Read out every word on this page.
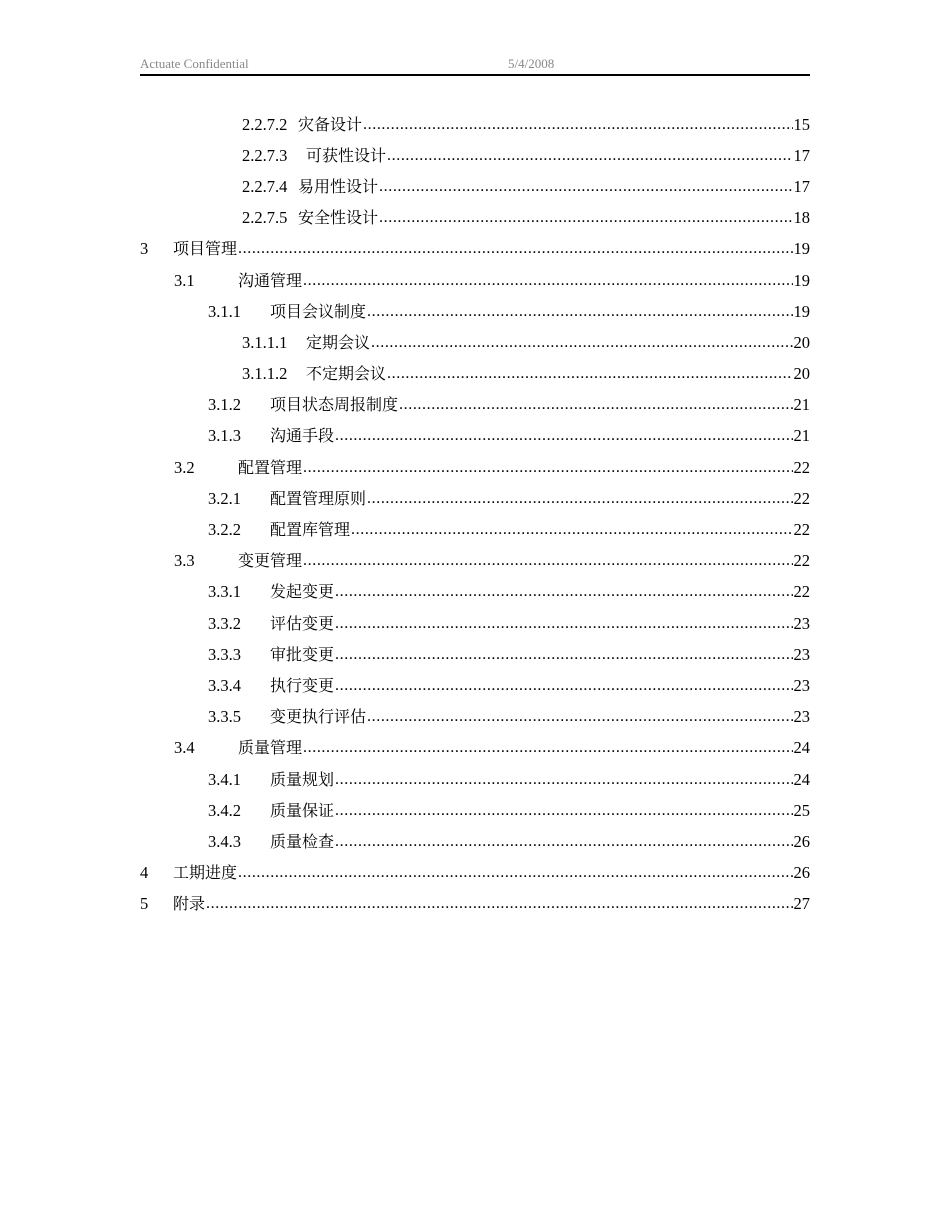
Actuate Confidential	5/4/2008
2.2.7.2 灾备设计 .....	15
2.2.7.3	可获性设计 .....	17
2.2.7.4 易用性设计 .....	17
2.2.7.5 安全性设计 .....	18
3	项目管理 .....	19
3.1	沟通管理 .....	19
3.1.1	项目会议制度 .....	19
3.1.1.1	定期会议 .....	20
3.1.1.2	不定期会议 .....	20
3.1.2	项目状态周报制度 .....	21
3.1.3	沟通手段 .....	21
3.2	配置管理 .....	22
3.2.1	配置管理原则 .....	22
3.2.2	配置库管理 .....	22
3.3	变更管理 .....	22
3.3.1	发起变更 .....	22
3.3.2	评估变更 .....	23
3.3.3	审批变更 .....	23
3.3.4	执行变更 .....	23
3.3.5	变更执行评估 .....	23
3.4	质量管理 .....	24
3.4.1	质量规划 .....	24
3.4.2	质量保证 .....	25
3.4.3	质量检查 .....	26
4	工期进度 .....	26
5	附录 .....	27
